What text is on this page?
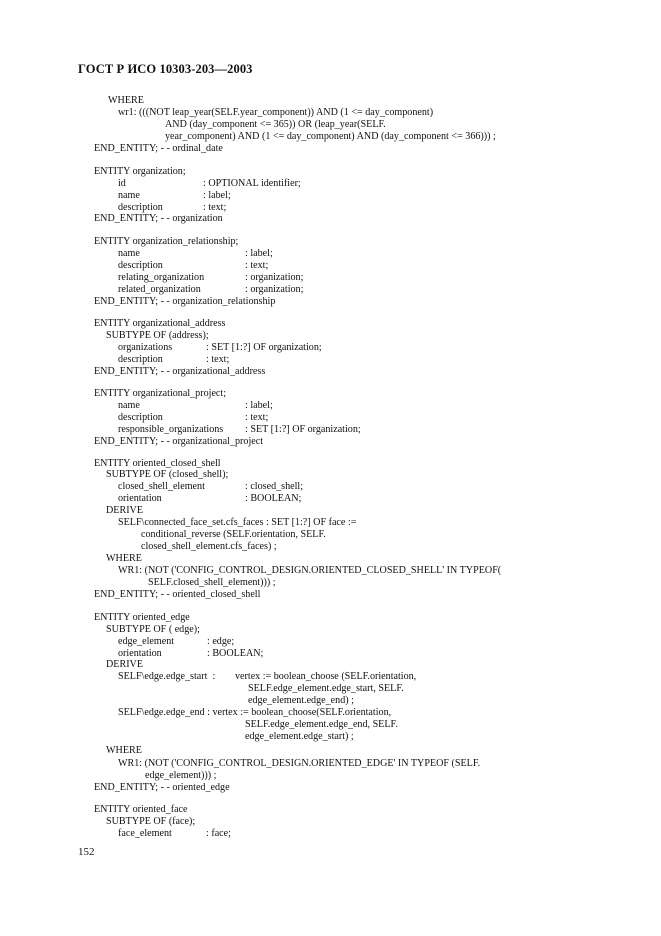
ГОСТ Р ИСО 10303-203—2003
WHERE
wr1: (((NOT leap_year(SELF.year_component)) AND (1 <= day_component)
AND (day_component <= 365)) OR (leap_year(SELF.
year_component) AND (1 <= day_component) AND (day_component <= 366))) ;
END_ENTITY; - - ordinal_date
ENTITY organization;
id	: OPTIONAL identifier;
name	: label;
description	: text;
END_ENTITY; - - organization
ENTITY organization_relationship;
name	: label;
description	: text;
relating_organization	: organization;
related_organization	: organization;
END_ENTITY; - - organization_relationship
ENTITY organizational_address
SUBTYPE OF (address);
organizations	: SET [1:?] OF organization;
description	: text;
END_ENTITY; - - organizational_address
ENTITY organizational_project;
name	: label;
description	: text;
responsible_organizations : SET [1:?] OF organization;
END_ENTITY; - - organizational_project
ENTITY oriented_closed_shell
SUBTYPE OF (closed_shell);
closed_shell_element	: closed_shell;
orientation	: BOOLEAN;
DERIVE
SELF\connected_face_set.cfs_faces : SET [1:?] OF face :=
conditional_reverse (SELF.orientation, SELF.
closed_shell_element.cfs_faces) ;
WHERE
WR1: (NOT ('CONFIG_CONTROL_DESIGN.ORIENTED_CLOSED_SHELL' IN TYPEOF(
SELF.closed_shell_element))) ;
END_ENTITY; - - oriented_closed_shell
ENTITY oriented_edge
SUBTYPE OF ( edge);
edge_element	: edge;
orientation	: BOOLEAN;
DERIVE
SELF\edge.edge_start  : vertex := boolean_choose (SELF.orientation,
SELF.edge_element.edge_start, SELF.
edge_element.edge_end) ;
SELF\edge.edge_end : vertex := boolean_choose(SELF.orientation,
SELF.edge_element.edge_end, SELF.
edge_element.edge_start) ;
WHERE
WR1: (NOT ('CONFIG_CONTROL_DESIGN.ORIENTED_EDGE' IN TYPEOF (SELF.
edge_element))) ;
END_ENTITY; - - oriented_edge
ENTITY oriented_face
SUBTYPE OF (face);
face_element	: face;
152
